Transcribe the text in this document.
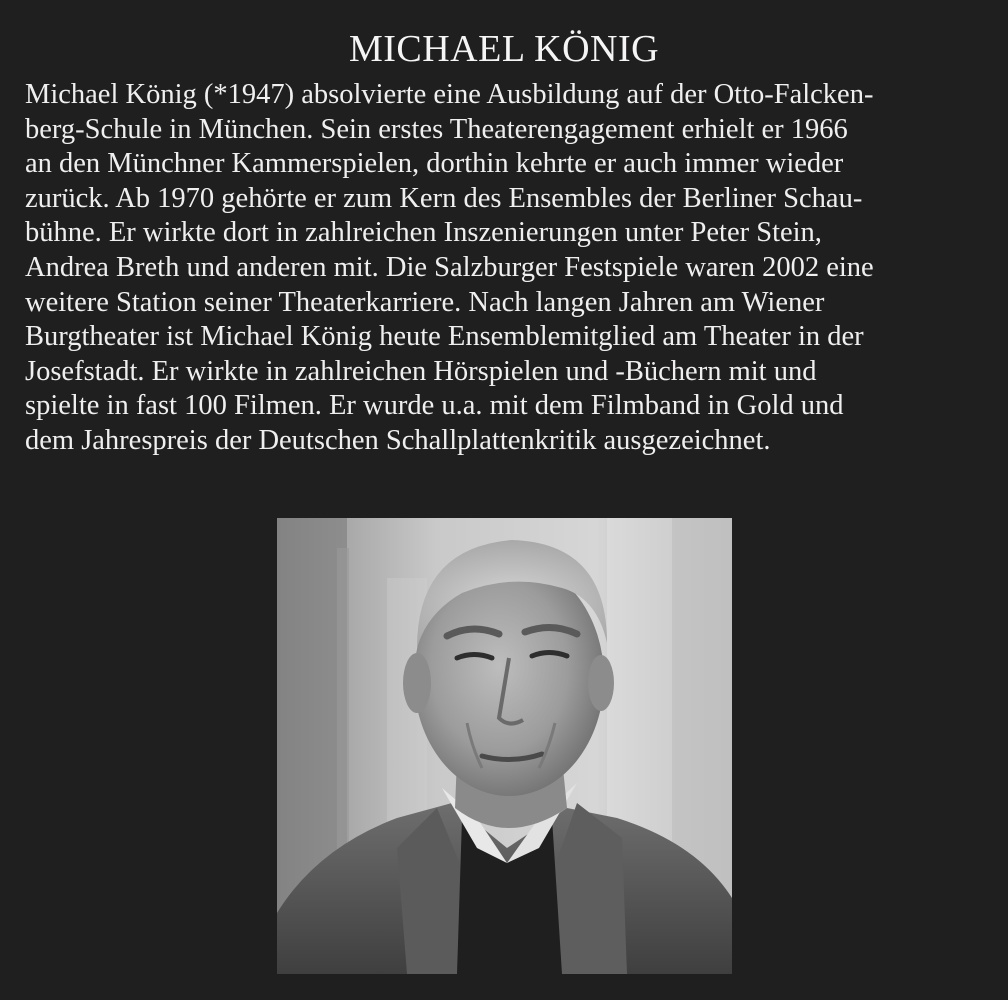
MICHAEL KÖNIG
Michael König (*1947) absolvierte eine Ausbildung auf der Otto-Falcken-
berg-Schule in München. Sein erstes Theaterengagement erhielt er 1966
an den Münchner Kammerspielen, dorthin kehrte er auch immer wieder
zurück. Ab 1970 gehörte er zum Kern des Ensembles der Berliner Schau-
bühne. Er wirkte dort in zahlreichen Inszenierungen unter Peter Stein,
Andrea Breth und anderen mit. Die Salzburger Festspiele waren 2002 eine
weitere Station seiner Theaterkarriere. Nach langen Jahren am Wiener
Burgtheater ist Michael König heute Ensemblemitglied am Theater in der
Josefstadt. Er wirkte in zahlreichen Hörspielen und -Büchern mit und
spielte in fast 100 Filmen. Er wurde u.a. mit dem Filmband in Gold und
dem Jahrespreis der Deutschen Schallplattenkritik ausgezeichnet.
